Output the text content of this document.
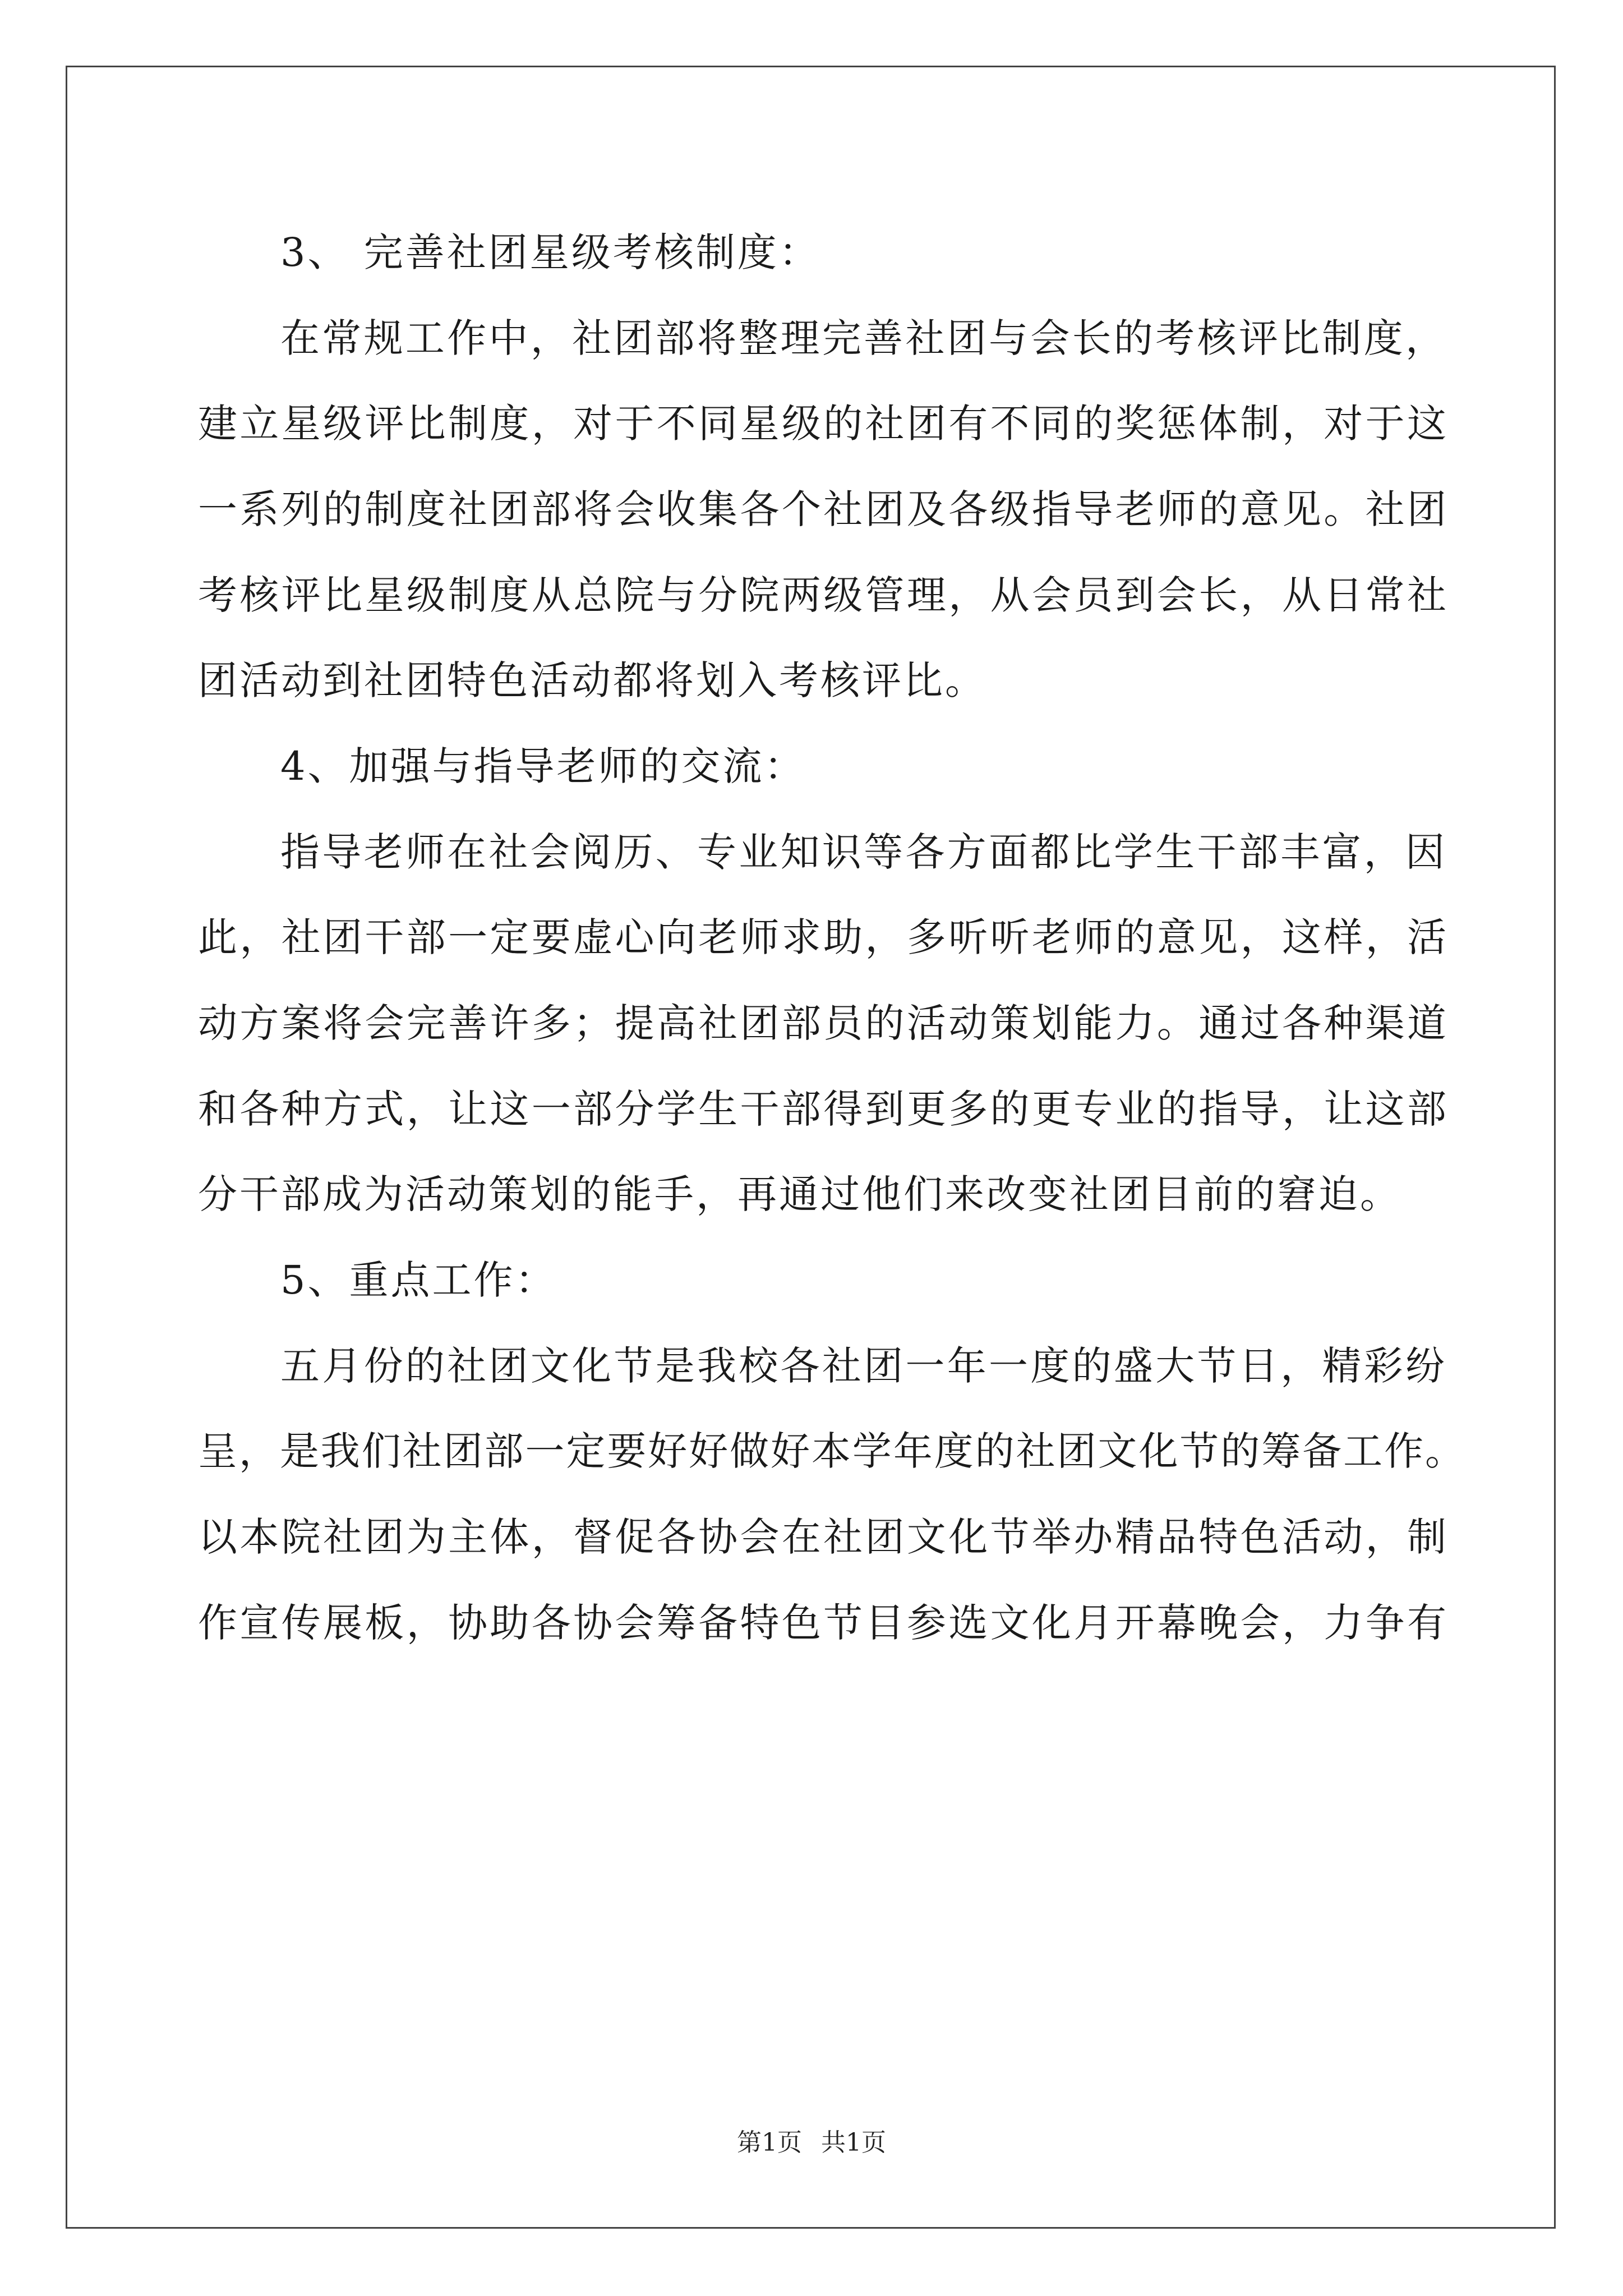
3、 完善社团星级考核制度：
在常规工作中，社团部将整理完善社团与会长的考核评比制度，
建立星级评比制度，对于不同星级的社团有不同的奖惩体制，对于这
一系列的制度社团部将会收集各个社团及各级指导老师的意见。社团
考核评比星级制度从总院与分院两级管理，从会员到会长，从日常社
团活动到社团特色活动都将划入考核评比。
4、加强与指导老师的交流：
指导老师在社会阅历、专业知识等各方面都比学生干部丰富，因
此，社团干部一定要虚心向老师求助，多听听老师的意见，这样，活
动方案将会完善许多；提高社团部员的活动策划能力。通过各种渠道
和各种方式，让这一部分学生干部得到更多的更专业的指导，让这部
分干部成为活动策划的能手，再通过他们来改变社团目前的窘迫。
5、重点工作：
五月份的社团文化节是我校各社团一年一度的盛大节日，精彩纷
呈，是我们社团部一定要好好做好本学年度的社团文化节的筹备工作。
以本院社团为主体，督促各协会在社团文化节举办精品特色活动，制
作宣传展板，协助各协会筹备特色节目参选文化月开幕晚会，力争有
第1页 共1页
